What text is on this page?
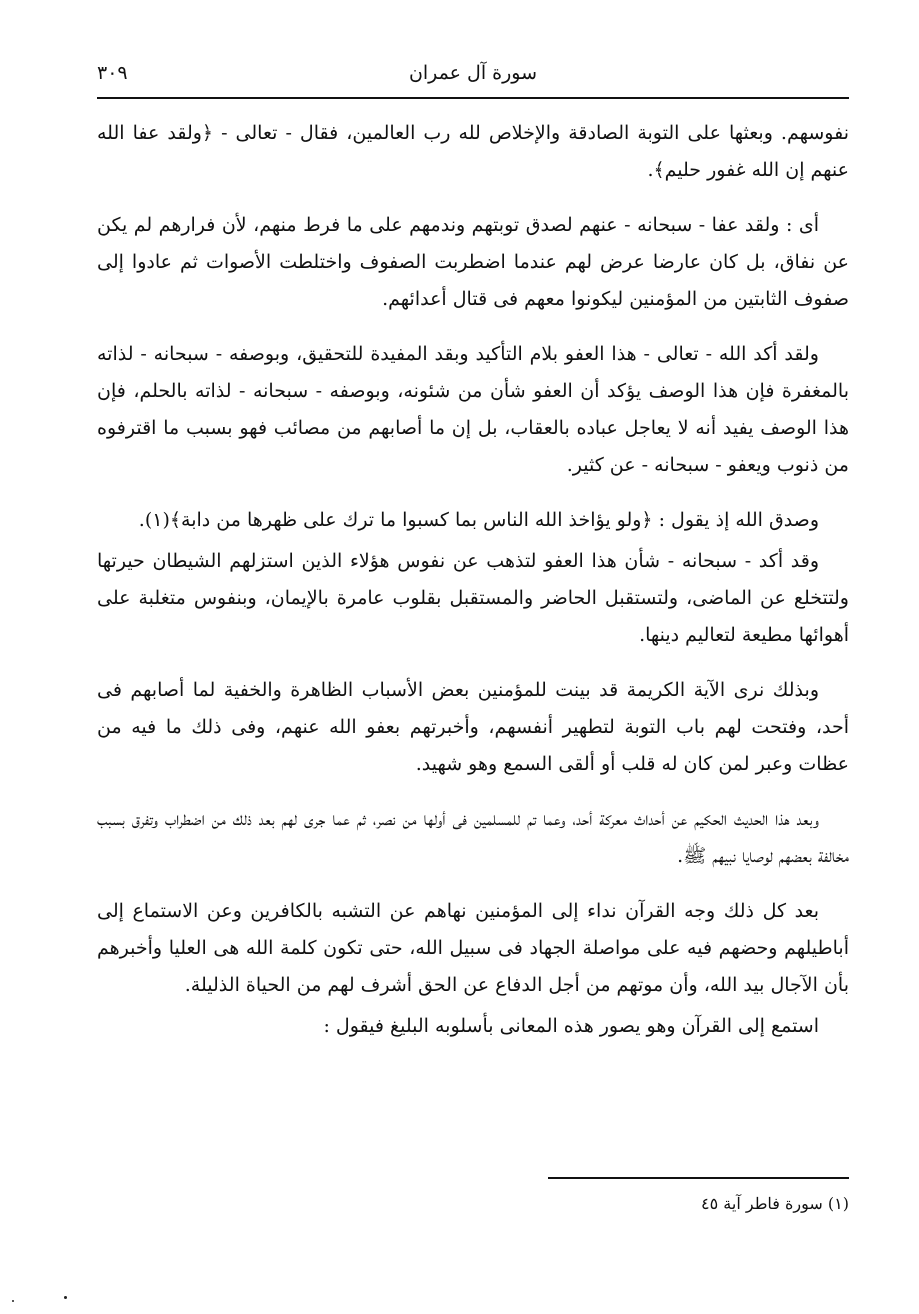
سورة آل عمران
٣٠٩

نفوسهم. وبعثها على التوبة الصادقة والإخلاص لله رب العالمين، فقال - تعالى - ﴿ولقد عفا الله عنهم إن الله غفور حليم﴾.

أى : ولقد عفا - سبحانه - عنهم لصدق توبتهم وندمهم على ما فرط منهم، لأن فرارهم لم يكن عن نفاق، بل كان عارضا عرض لهم عندما اضطربت الصفوف واختلطت الأصوات ثم عادوا إلى صفوف الثابتين من المؤمنين ليكونوا معهم فى قتال أعدائهم.

ولقد أكد الله - تعالى - هذا العفو بلام التأكيد وبقد المفيدة للتحقيق، وبوصفه - سبحانه - لذاته بالمغفرة فإن هذا الوصف يؤكد أن العفو شأن من شئونه، وبوصفه - سبحانه - لذاته بالحلم، فإن هذا الوصف يفيد أنه لا يعاجل عباده بالعقاب، بل إن ما أصابهم من مصائب فهو بسبب ما اقترفوه من ذنوب ويعفو - سبحانه - عن كثير.

وصدق الله إذ يقول : ﴿ولو يؤاخذ الله الناس بما كسبوا ما ترك على ظهرها من دابة﴾(١).

وقد أكد - سبحانه - شأن هذا العفو لتذهب عن نفوس هؤلاء الذين استزلهم الشيطان حيرتها ولتتخلع عن الماضى، ولتستقبل الحاضر والمستقبل بقلوب عامرة بالإيمان، وبنفوس متغلبة على أهوائها مطيعة لتعاليم دينها.

وبذلك نرى الآية الكريمة قد بينت للمؤمنين بعض الأسباب الظاهرة والخفية لما أصابهم فى أحد، وفتحت لهم باب التوبة لتطهير أنفسهم، وأخبرتهم بعفو الله عنهم، وفى ذلك ما فيه من عظات وعبر لمن كان له قلب أو ألقى السمع وهو شهيد.

وبعد هذا الحديث الحكيم عن أحداث معركة أحد، وعما تم للمسلمين فى أولها من نصر، ثم عما جرى لهم بعد ذلك من اضطراب وتفرق بسبب مخالفة بعضهم لوصايا نبيهم ﷺ.

بعد كل ذلك وجه القرآن نداء إلى المؤمنين نهاهم عن التشبه بالكافرين وعن الاستماع إلى أباطيلهم وحضهم فيه على مواصلة الجهاد فى سبيل الله، حتى تكون كلمة الله هى العليا وأخبرهم بأن الآجال بيد الله، وأن موتهم من أجل الدفاع عن الحق أشرف لهم من الحياة الذليلة.

استمع إلى القرآن وهو يصور هذه المعانى بأسلوبه البليغ فيقول :

(١) سورة فاطر آية ٤٥
